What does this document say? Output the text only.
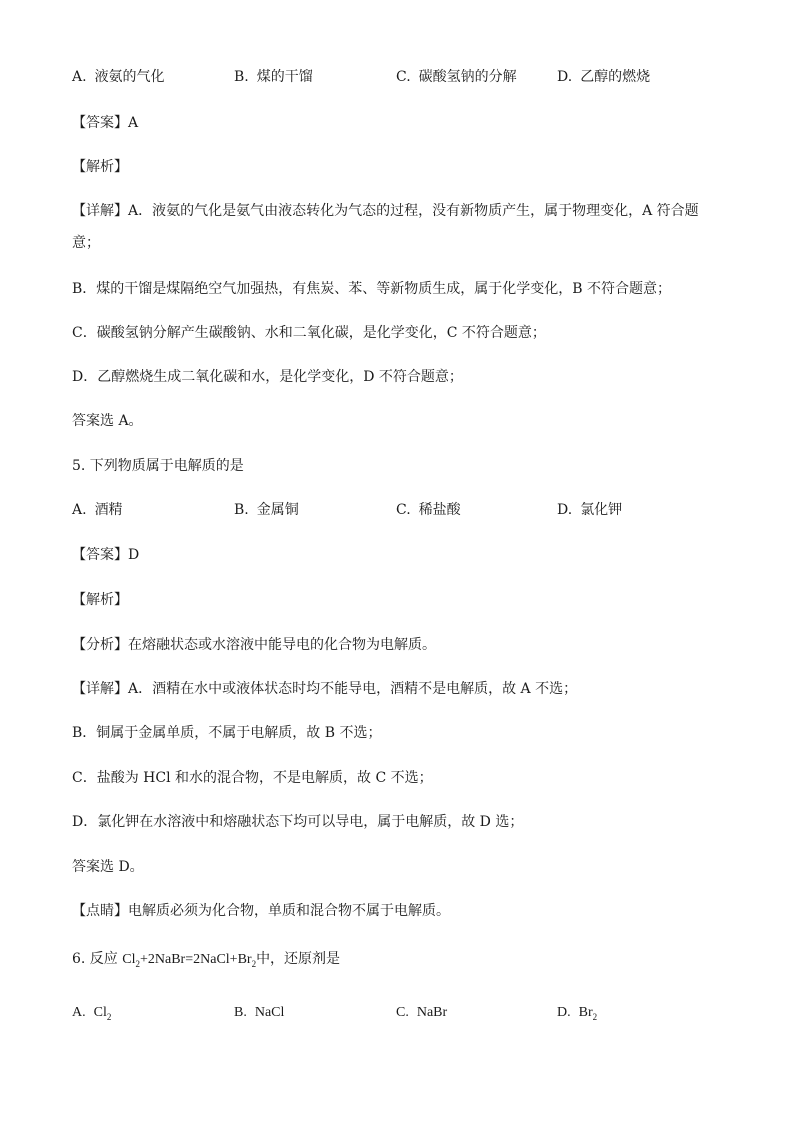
A. 液氨的气化	B. 煤的干馏	C. 碳酸氢钠的分解	D. 乙醇的燃烧
【答案】A
【解析】
【详解】A．液氨的气化是氨气由液态转化为气态的过程，没有新物质产生，属于物理变化，A 符合题
意；
B．煤的干馏是煤隔绝空气加强热，有焦炭、苯、等新物质生成，属于化学变化，B 不符合题意；
C．碳酸氢钠分解产生碳酸钠、水和二氧化碳，是化学变化，C 不符合题意；
D．乙醇燃烧生成二氧化碳和水，是化学变化，D 不符合题意；
答案选 A。
5. 下列物质属于电解质的是
A. 酒精	B. 金属铜	C. 稀盐酸	D. 氯化钾
【答案】D
【解析】
【分析】在熔融状态或水溶液中能导电的化合物为电解质。
【详解】A．酒精在水中或液体状态时均不能导电，酒精不是电解质，故 A 不选；
B．铜属于金属单质，不属于电解质，故 B 不选；
C．盐酸为 HCl 和水的混合物，不是电解质，故 C 不选；
D．氯化钾在水溶液中和熔融状态下均可以导电，属于电解质，故 D 选；
答案选 D。
【点睛】电解质必须为化合物，单质和混合物不属于电解质。
6. 反应 $Cl_2+2NaBr=2NaCl+Br_2$中，还原剂是
A. $Cl_2$	B. NaCl	C. NaBr	D. $Br_2$
